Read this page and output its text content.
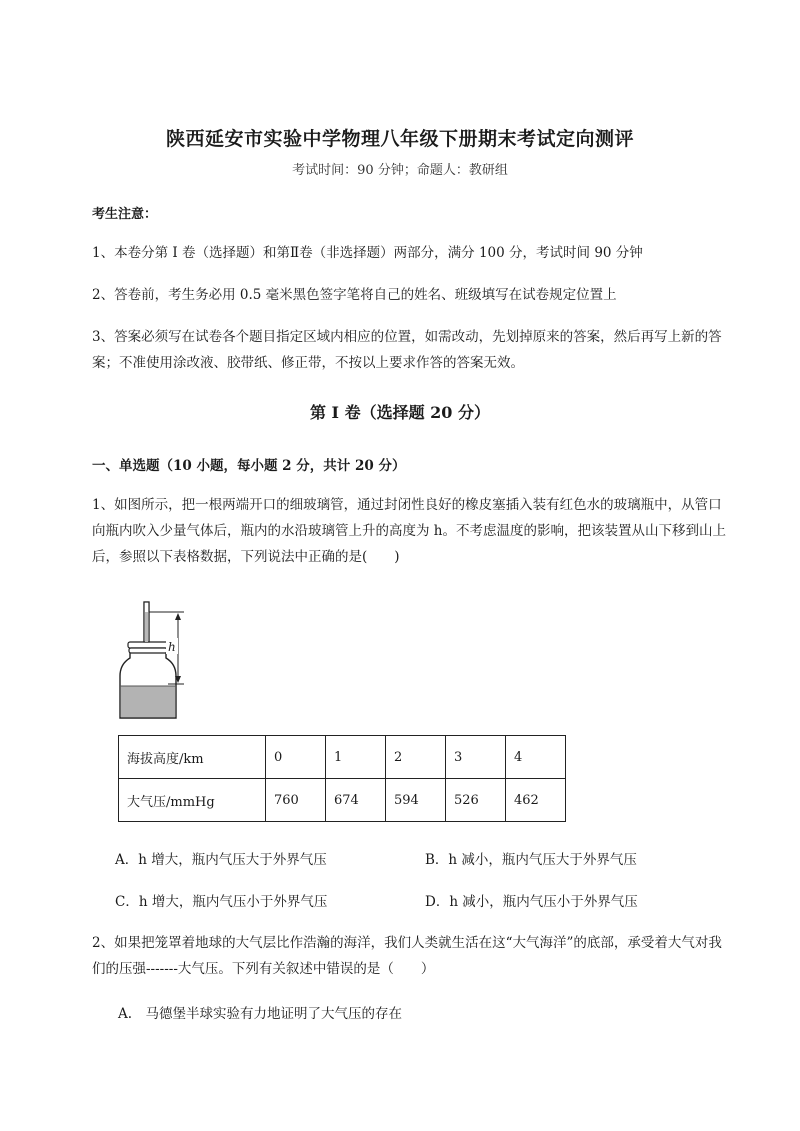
陕西延安市实验中学物理八年级下册期末考试定向测评
考试时间：90 分钟；命题人：教研组
考生注意：
1、本卷分第 I 卷（选择题）和第Ⅱ卷（非选择题）两部分，满分 100 分，考试时间 90 分钟
2、答卷前，考生务必用 0.5 毫米黑色签字笔将自己的姓名、班级填写在试卷规定位置上
3、答案必须写在试卷各个题目指定区域内相应的位置，如需改动，先划掉原来的答案，然后再写上新的答案；不准使用涂改液、胶带纸、修正带，不按以上要求作答的答案无效。
第 I 卷（选择题 20 分）
一、单选题（10 小题，每小题 2 分，共计 20 分）
1、如图所示，把一根两端开口的细玻璃管，通过封闭性良好的橡皮塞插入装有红色水的玻璃瓶中，从管口向瓶内吹入少量气体后，瓶内的水沿玻璃管上升的高度为 h。不考虑温度的影响，把该装置从山下移到山上后，参照以下表格数据，下列说法中正确的是(　　)
h
海拔高度/km	0	1	2	3	4
大气压/mmHg	760	674	594	526	462
A．h 增大，瓶内气压大于外界气压	B．h 减小，瓶内气压大于外界气压
C．h 增大，瓶内气压小于外界气压	D．h 减小，瓶内气压小于外界气压
2、如果把笼罩着地球的大气层比作浩瀚的海洋，我们人类就生活在这“大气海洋”的底部，承受着大气对我们的压强-------大气压。下列有关叙述中错误的是（　　）
A.　马德堡半球实验有力地证明了大气压的存在
